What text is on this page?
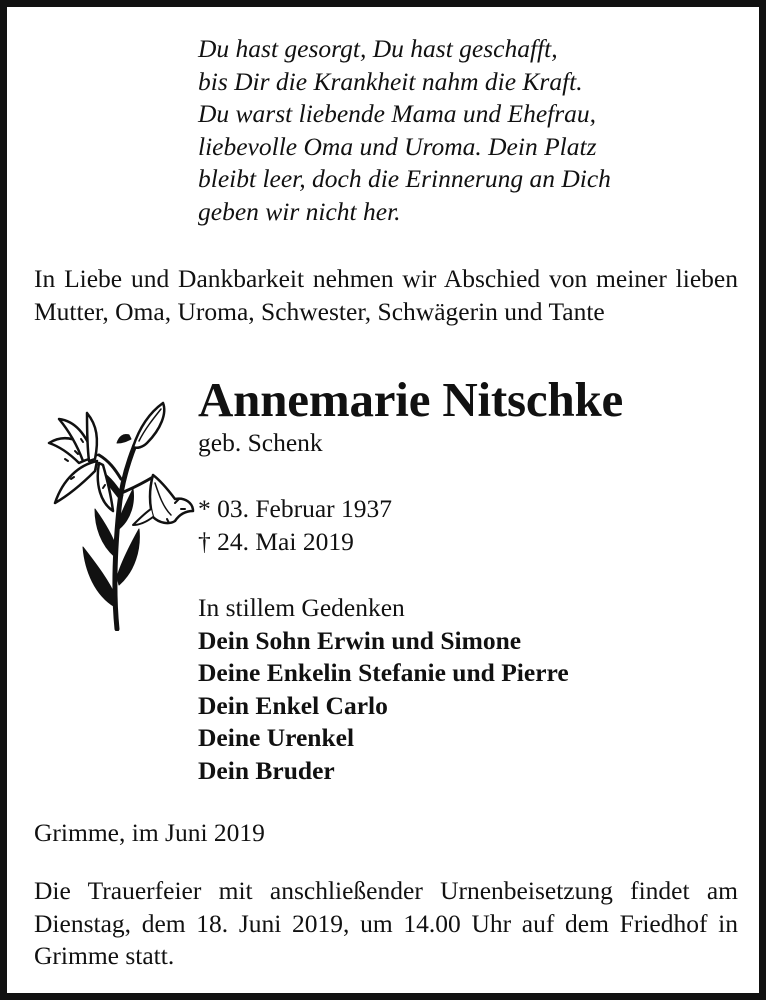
Du hast gesorgt, Du hast geschafft,
bis Dir die Krankheit nahm die Kraft.
Du warst liebende Mama und Ehefrau,
liebevolle Oma und Uroma. Dein Platz
bleibt leer, doch die Erinnerung an Dich
geben wir nicht her.
In Liebe und Dankbarkeit nehmen wir Abschied von meiner lieben Mutter, Oma, Uroma, Schwester, Schwägerin und Tante
Annemarie Nitschke
geb. Schenk
* 03. Februar 1937
† 24. Mai 2019
In stillem Gedenken
Dein Sohn Erwin und Simone
Deine Enkelin Stefanie und Pierre
Dein Enkel Carlo
Deine Urenkel
Dein Bruder
Grimme, im Juni 2019
Die Trauerfeier mit anschließender Urnenbeisetzung findet am Dienstag, dem 18. Juni 2019, um 14.00 Uhr auf dem Friedhof in Grimme statt.
